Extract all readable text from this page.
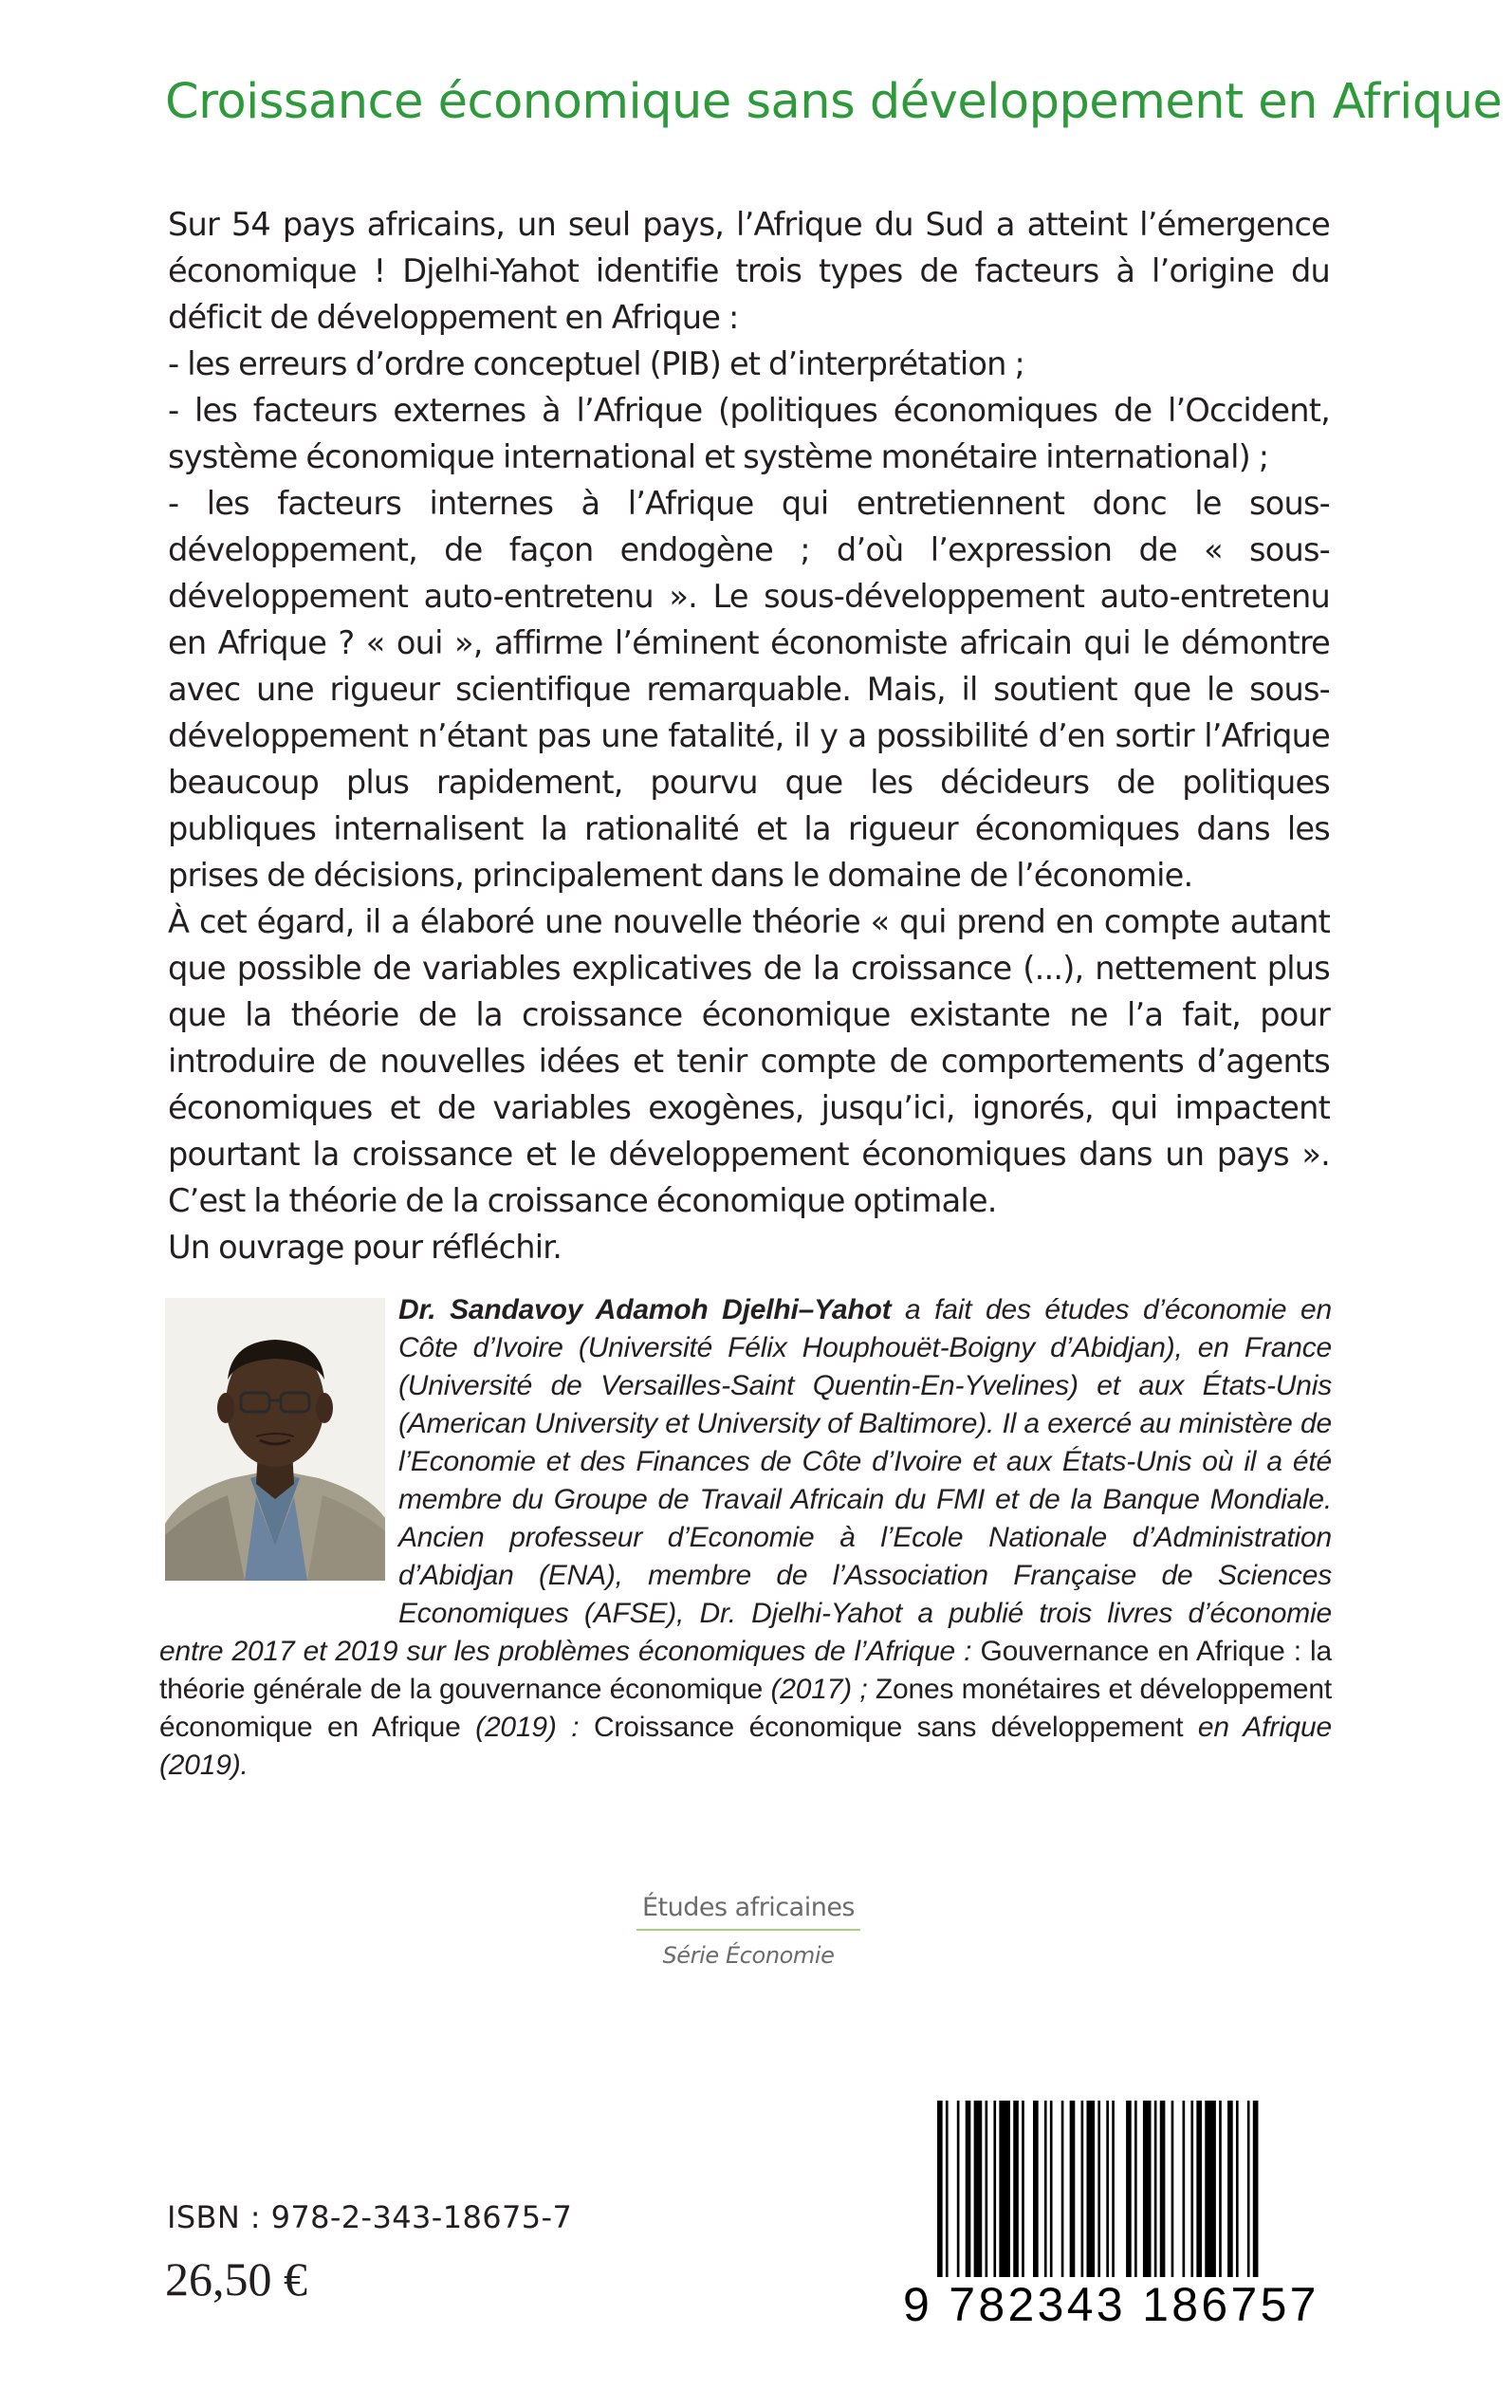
Croissance économique sans développement en Afrique

Sur 54 pays africains, un seul pays, l’Afrique du Sud a atteint l’émergence économique ! Djelhi-Yahot identifie trois types de facteurs à l’origine du déficit de développement en Afrique :

- les erreurs d’ordre conceptuel (PIB) et d’interprétation ;

- les facteurs externes à l’Afrique (politiques économiques de l’Occident, système économique international et système monétaire international) ;

- les facteurs internes à l’Afrique qui entretiennent donc le sous-développement, de façon endogène ; d’où l’expression de « sous-développement auto-entretenu ». Le sous-développement auto-entretenu en Afrique ? « oui », affirme l’éminent économiste africain qui le démontre avec une rigueur scientifique remarquable. Mais, il soutient que le sous-développement n’étant pas une fatalité, il y a possibilité d’en sortir l’Afrique beaucoup plus rapidement, pourvu que les décideurs de politiques publiques internalisent la rationalité et la rigueur économiques dans les prises de décisions, principalement dans le domaine de l’économie.

À cet égard, il a élaboré une nouvelle théorie « qui prend en compte autant que possible de variables explicatives de la croissance (...), nettement plus que la théorie de la croissance économique existante ne l’a fait, pour introduire de nouvelles idées et tenir compte de comportements d’agents économiques et de variables exogènes, jusqu’ici, ignorés, qui impactent pourtant la croissance et le développement économiques dans un pays ». C’est la théorie de la croissance économique optimale.

Un ouvrage pour réfléchir.

Dr. Sandavoy Adamoh Djelhi–Yahot a fait des études d’économie en Côte d’Ivoire (Université Félix Houphouët-Boigny d’Abidjan), en France (Université de Versailles-Saint Quentin-En-Yvelines) et aux États-Unis (American University et University of Baltimore). Il a exercé au ministère de l’Economie et des Finances de Côte d’Ivoire et aux États-Unis où il a été membre du Groupe de Travail Africain du FMI et de la Banque Mondiale. Ancien professeur d’Economie à l’Ecole Nationale d’Administration d’Abidjan (ENA), membre de l’Association Française de Sciences Economiques (AFSE), Dr. Djelhi-Yahot a publié trois livres d’économie entre 2017 et 2019 sur les problèmes économiques de l’Afrique : Gouvernance en Afrique : la théorie générale de la gouvernance économique (2017) ; Zones monétaires et développement économique en Afrique (2019) : Croissance économique sans développement en Afrique (2019).
Études africaines
Série Économie
ISBN : 978-2-343-18675-7
26,50 €	9 782343 186757
